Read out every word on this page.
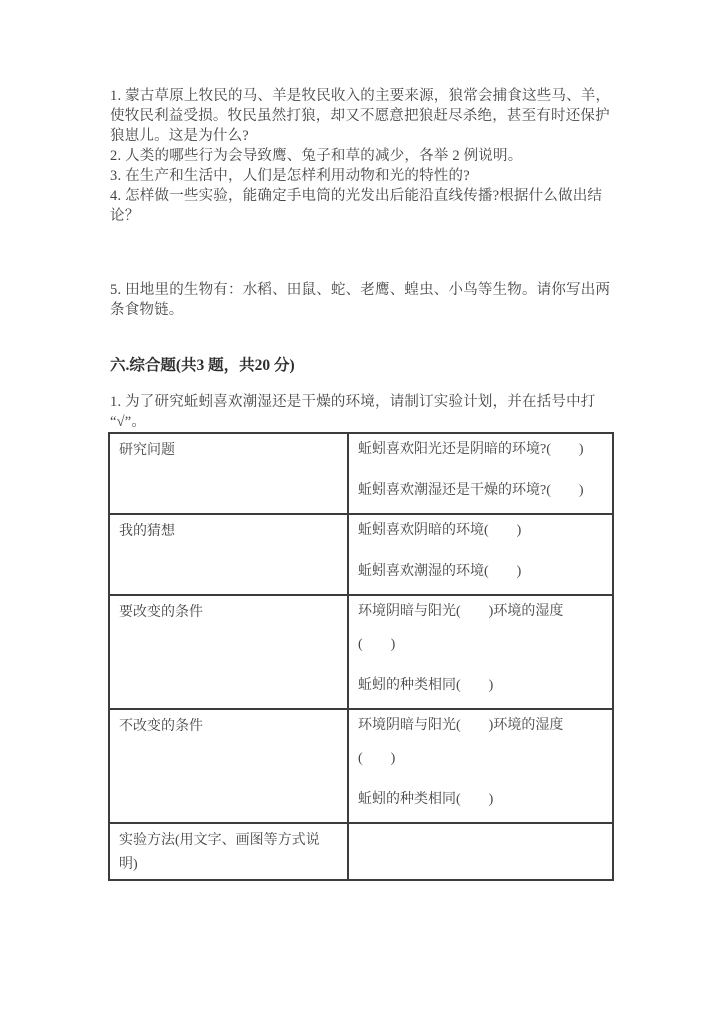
1. 蒙古草原上牧民的马、羊是牧民收入的主要来源，狼常会捕食这些马、羊，
使牧民利益受损。牧民虽然打狼，却又不愿意把狼赶尽杀绝，甚至有时还保护
狼崽儿。这是为什么?
2. 人类的哪些行为会导致鹰、兔子和草的减少，各举 2 例说明。
3. 在生产和生活中，人们是怎样利用动物和光的特性的?
4. 怎样做一些实验，能确定手电筒的光发出后能沿直线传播?根据什么做出结
论？
5. 田地里的生物有：水稻、田鼠、蛇、老鹰、蝗虫、小鸟等生物。请你写出两
条食物链。
六.综合题(共3 题，共20 分)
1. 为了研究蚯蚓喜欢潮湿还是干燥的环境，请制订实验计划，并在括号中打
“√”。
研究问题	蚯蚓喜欢阳光还是阴暗的环境?(　　)
蚯蚓喜欢潮湿还是干燥的环境?(　　)

我的猜想	蚯蚓喜欢阴暗的环境(　　)
蚯蚓喜欢潮湿的环境(　　)

要改变的条件	环境阴暗与阳光(　　)环境的湿度
(　　)
蚯蚓的种类相同(　　)

不改变的条件	环境阴暗与阳光(　　)环境的湿度
(　　)
蚯蚓的种类相同(　　)

实验方法(用文字、画图等方式说
明)	
